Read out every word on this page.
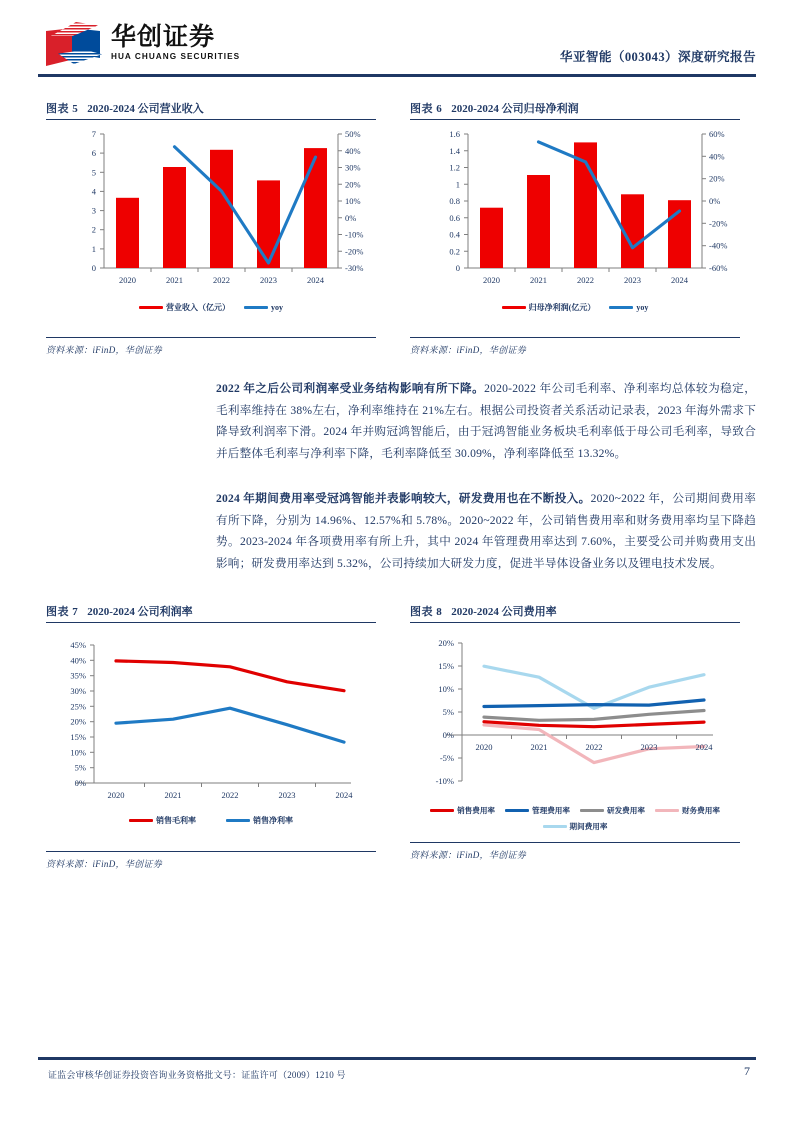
华创证券
HUA CHUANG SECURITIES	华亚智能（003043）深度研究报告
图表 5 2020-2024 公司营业收入
0
1
2
3
4
5
6
7	50%
40%
30%
20%
10%
0%
-10%
-20%
-30%
2020	2021	2022	2023	2024
营业收入（亿元）	yoy
资料来源：iFinD，华创证券
图表 6 2020-2024 公司归母净利润
0
0.2
0.4
0.6
0.8
1
1.2
1.4
1.6	60%
40%
20%
0%
-20%
-40%
-60%
2020	2021	2022	2023	2024
归母净利润(亿元）	yoy
资料来源：iFinD，华创证券
2022 年之后公司利润率受业务结构影响有所下降。2020-2022 年公司毛利率、净利率均总体较为稳定，毛利率维持在 38%左右，净利率维持在 21%左右。根据公司投资者关系活动记录表，2023 年海外需求下降导致利润率下滑。2024 年并购冠鸿智能后，由于冠鸿智能业务板块毛利率低于母公司毛利率，导致合并后整体毛利率与净利率下降，毛利率降低至 30.09%，净利率降低至 13.32%。
2024 年期间费用率受冠鸿智能并表影响较大，研发费用也在不断投入。2020~2022 年，公司期间费用率有所下降，分别为 14.96%、12.57%和 5.78%。2020~2022 年，公司销售费用率和财务费用率均呈下降趋势。2023-2024 年各项费用率有所上升，其中 2024 年管理费用率达到 7.60%，主要受公司并购费用支出影响；研发费用率达到 5.32%，公司持续加大研发力度，促进半导体设备业务以及锂电技术发展。
图表 7 2020-2024 公司利润率
0%
5%
10%
15%
20%
25%
30%
35%
40%
45%
2020	2021	2022	2023	2024
销售毛利率	销售净利率
资料来源：iFinD，华创证券
图表 8 2020-2024 公司费用率
20%
15%
10%
5%
0%
-5%
-10%
2020	2021	2022	2023	2024
销售费用率	管理费用率	研发费用率	财务费用率
期间费用率
资料来源：iFinD，华创证券
证监会审核华创证券投资咨询业务资格批文号：证监许可（2009）1210 号	7
